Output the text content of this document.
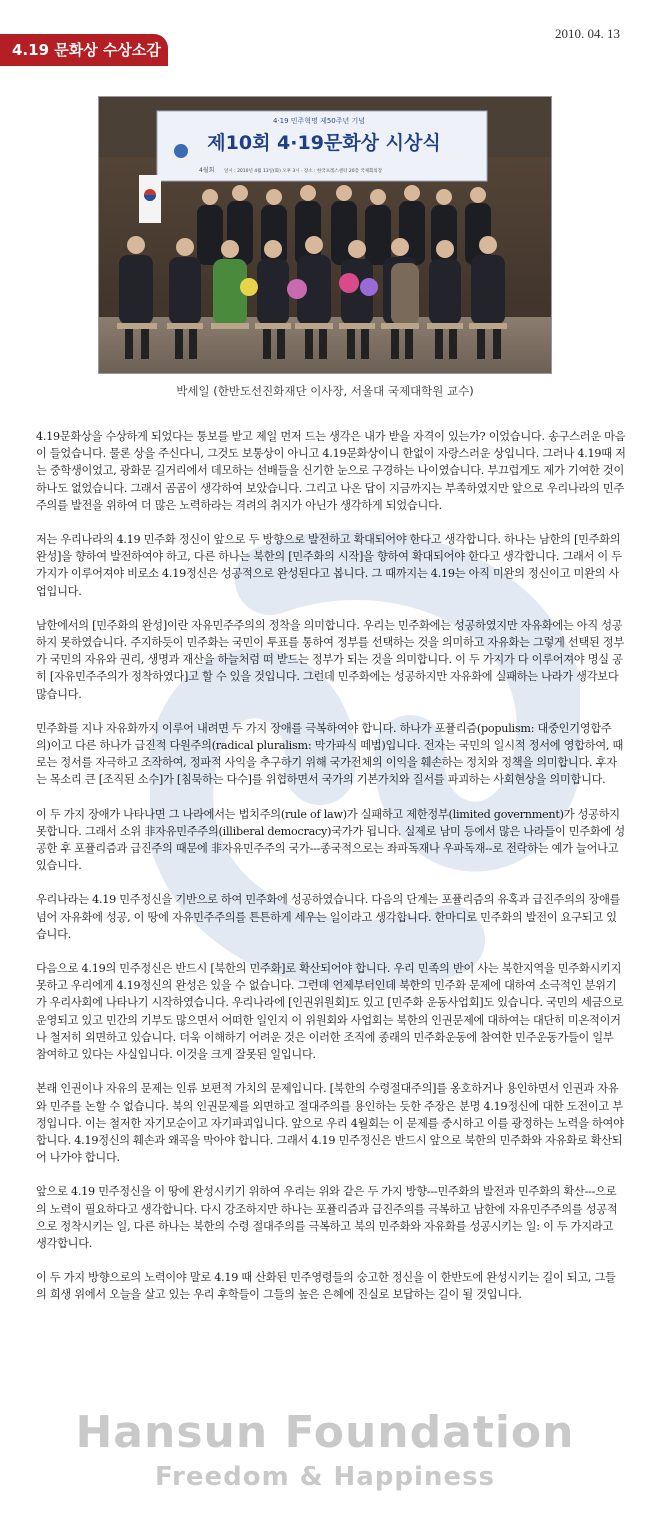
4.19 문화상 수상소감
2010. 04. 13
4·19 민주혁명 제50주년 기념
제10회 4·19문화상 시상식
4월회 일시 : 2010년 4월 13일(화) 오후 3시 · 장소 : 한국프레스센터 20층 국제회의장
박세일 (한반도선진화재단 이사장, 서울대 국제대학원 교수)

4.19문화상을 수상하게 되었다는 통보를 받고 제일 먼저 드는 생각은 내가 받을 자격이 있는가? 이었습니다. 송구스러운 마음이 들었습니다. 물론 상을 주신다니, 그것도 보통상이 아니고 4.19문화상이니 한없이 자랑스러운 상입니다. 그러나 4.19때 저는 중학생이었고, 광화문 길거리에서 데모하는 선배들을 신기한 눈으로 구경하는 나이였습니다. 부끄럽게도 제가 기여한 것이 하나도 없었습니다. 그래서 곰곰이 생각하여 보았습니다. 그리고 나온 답이 지금까지는 부족하였지만 앞으로 우리나라의 민주주의를 발전을 위하여 더 많은 노력하라는 격려의 취지가 아닌가 생각하게 되었습니다.

저는 우리나라의 4.19 민주화 정신이 앞으로 두 방향으로 발전하고 확대되어야 한다고 생각합니다. 하나는 남한의 [민주화의 완성]을 향하여 발전하여야 하고, 다른 하나는 북한의 [민주화의 시작]을 향하여 확대되어야 한다고 생각합니다. 그래서 이 두 가지가 이루어져야 비로소 4.19정신은 성공적으로 완성된다고 봅니다. 그 때까지는 4.19는 아직 미완의 정신이고 미완의 사업입니다.

남한에서의 [민주화의 완성]이란 자유민주주의의 정착을 의미합니다. 우리는 민주화에는 성공하였지만 자유화에는 아직 성공하지 못하였습니다. 주지하듯이 민주화는 국민이 투표를 통하여 정부를 선택하는 것을 의미하고 자유화는 그렇게 선택된 정부가 국민의 자유와 권리, 생명과 재산을 하늘처럼 떠 받드는 정부가 되는 것을 의미합니다. 이 두 가지가 다 이루어져야 명실 공히 [자유민주주의가 정착하였다]고 할 수 있을 것입니다. 그런데 민주화에는 성공하지만 자유화에 실패하는 나라가 생각보다 많습니다.

민주화를 지나 자유화까지 이루어 내려면 두 가지 장애를 극복하여야 합니다. 하나가 포퓰리즘(populism: 대중인기영합주의)이고 다른 하나가 급진적 다원주의(radical pluralism: 막가파식 떼법)입니다. 전자는 국민의 일시적 정서에 영합하여, 때로는 정서를 자극하고 조작하여, 정파적 사익을 추구하기 위해 국가전체의 이익을 훼손하는 정치와 정책을 의미합니다. 후자는 목소리 큰 [조직된 소수]가 [침묵하는 다수]를 위협하면서 국가의 기본가치와 질서를 파괴하는 사회현상을 의미합니다.

이 두 가지 장애가 나타나면 그 나라에서는 법치주의(rule of law)가 실패하고 제한정부(limited government)가 성공하지 못합니다. 그래서 소위 非자유민주주의(illiberal democracy)국가가 됩니다. 실제로 남미 등에서 많은 나라들이 민주화에 성공한 후 포퓰리즘과 급진주의 때문에 非자유민주주의 국가---종국적으로는 좌파독재나 우파독재--로 전락하는 예가 늘어나고 있습니다.

우리나라는 4.19 민주정신을 기반으로 하여 민주화에 성공하였습니다. 다음의 단계는 포퓰리즘의 유혹과 급진주의의 장애를 넘어 자유화에 성공, 이 땅에 자유민주주의를 튼튼하게 세우는 일이라고 생각합니다. 한마디로 민주화의 발전이 요구되고 있습니다.

다음으로 4.19의 민주정신은 반드시 [북한의 민주화]로 확산되어야 합니다. 우리 민족의 반이 사는 북한지역을 민주화시키지 못하고 우리에게 4.19정신의 완성은 있을 수 없습니다. 그런데 언제부터인데 북한의 민주화 문제에 대하여 소극적인 분위기가 우리사회에 나타나기 시작하였습니다. 우리나라에 [인권위원회]도 있고 [민주화 운동사업회]도 있습니다. 국민의 세금으로 운영되고 있고 민간의 기부도 많으면서 어떠한 일인지 이 위원회와 사업회는 북한의 인권문제에 대하여는 대단히 미온적이거나 철저히 외면하고 있습니다. 더욱 이해하기 어려운 것은 이러한 조직에 종래의 민주화운동에 참여한 민주운동가들이 일부 참여하고 있다는 사실입니다. 이것을 크게 잘못된 일입니다.

본래 인권이나 자유의 문제는 인류 보편적 가치의 문제입니다. [북한의 수령절대주의]를 옹호하거나 용인하면서 인권과 자유와 민주를 논할 수 없습니다. 북의 인권문제를 외면하고 절대주의를 용인하는 듯한 주장은 분명 4.19정신에 대한 도전이고 부정입니다. 이는 철저한 자기모순이고 자기파괴입니다. 앞으로 우리 4월회는 이 문제를 중시하고 이를 광정하는 노력을 하여야 합니다. 4.19정신의 훼손과 왜곡을 막아야 합니다. 그래서 4.19 민주정신은 반드시 앞으로 북한의 민주화와 자유화로 확산되어 나가야 합니다.

앞으로 4.19 민주정신을 이 땅에 완성시키기 위하여 우리는 위와 같은 두 가지 방향---민주화의 발전과 민주화의 확산---으로의 노력이 필요하다고 생각합니다. 다시 강조하지만 하나는 포퓰리즘과 급진주의를 극복하고 남한에 자유민주주의를 성공적으로 정착시키는 일, 다른 하나는 북한의 수령 절대주의를 극복하고 북의 민주화와 자유화를 성공시키는 일: 이 두 가지라고 생각합니다.

이 두 가지 방향으로의 노력이야 말로 4.19 때 산화된 민주영령들의 숭고한 정신을 이 한반도에 완성시키는 길이 되고, 그들의 희생 위에서 오늘을 살고 있는 우리 후학들이 그들의 높은 은혜에 진실로 보답하는 길이 될 것입니다.

Hansun Foundation
Freedom & Happiness
